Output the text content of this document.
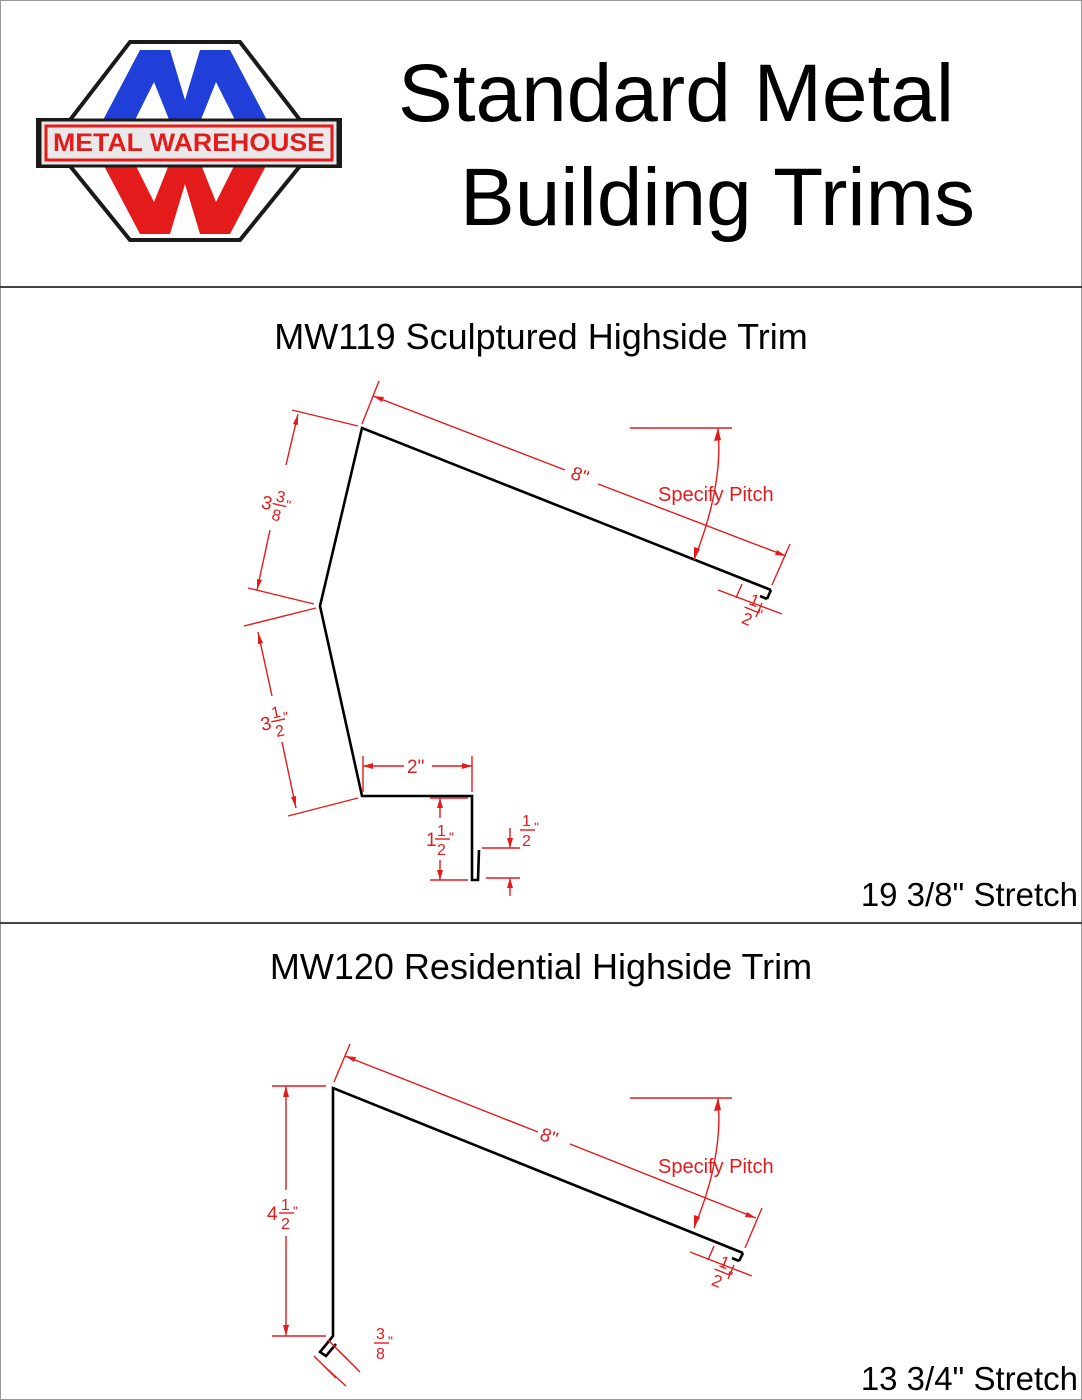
METAL WAREHOUSE
Standard Metal
Building Trims
MW119 Sculptured Highside Trim
8"
Specify Pitch
1
2 "
3 3
8
"
3
1
2
"
2"
1 1
2
"
1
2
"
19 3/8" Stretch
MW120 Residential Highside Trim
8"
Specify Pitch
1
2 "
4 1
2
"
3
8
"
13 3/4" Stretch
